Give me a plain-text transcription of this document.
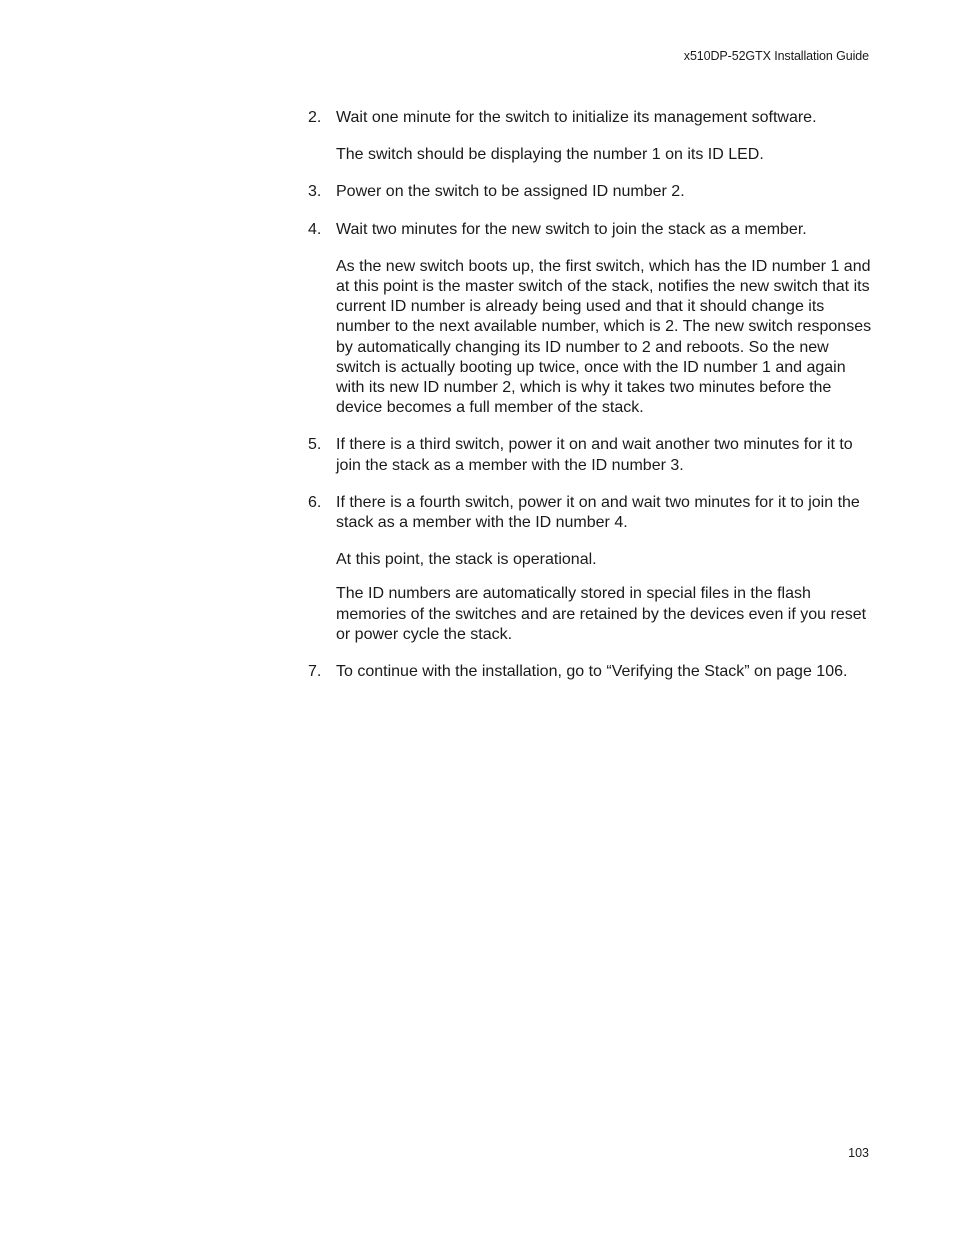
x510DP-52GTX Installation Guide
2. Wait one minute for the switch to initialize its management software.
The switch should be displaying the number 1 on its ID LED.
3. Power on the switch to be assigned ID number 2.
4. Wait two minutes for the new switch to join the stack as a member.
As the new switch boots up, the first switch, which has the ID number 1 and at this point is the master switch of the stack, notifies the new switch that its current ID number is already being used and that it should change its number to the next available number, which is 2. The new switch responses by automatically changing its ID number to 2 and reboots. So the new switch is actually booting up twice, once with the ID number 1 and again with its new ID number 2, which is why it takes two minutes before the device becomes a full member of the stack.
5. If there is a third switch, power it on and wait another two minutes for it to join the stack as a member with the ID number 3.
6. If there is a fourth switch, power it on and wait two minutes for it to join the stack as a member with the ID number 4.
At this point, the stack is operational.
The ID numbers are automatically stored in special files in the flash memories of the switches and are retained by the devices even if you reset or power cycle the stack.
7. To continue with the installation, go to “Verifying the Stack” on page 106.
103
